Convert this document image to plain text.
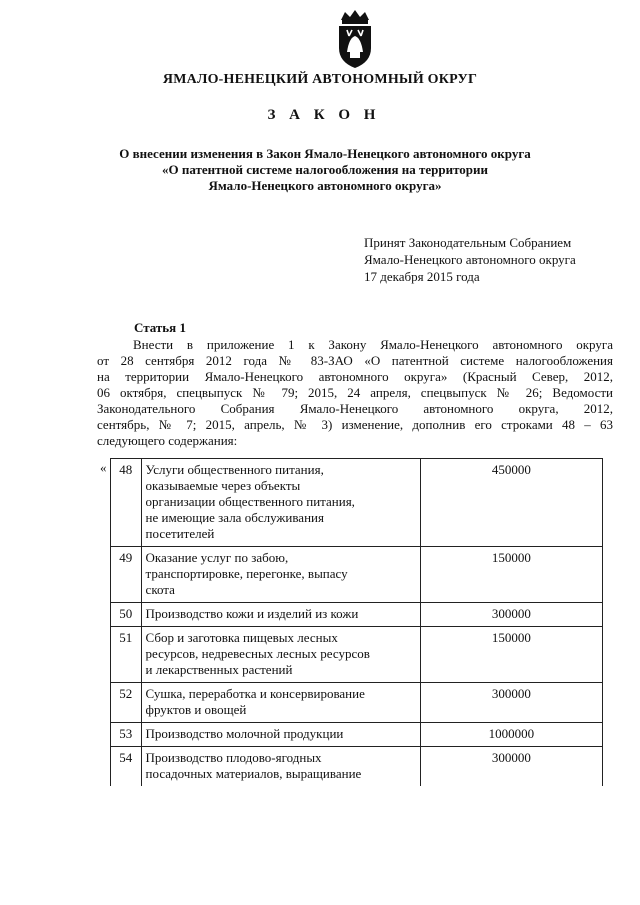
ЯМАЛО-НЕНЕЦКИЙ АВТОНОМНЫЙ ОКРУГ
З А К О Н
О внесении изменения в Закон Ямало-Ненецкого автономного округа
«О патентной системе налогообложения на территории
Ямало-Ненецкого автономного округа»
Принят Законодательным Собранием
Ямало-Ненецкого автономного округа
17 декабря 2015 года
Статья 1
Внести в приложение 1 к Закону Ямало-Ненецкого автономного округа
от 28 сентября 2012 года № 83-ЗАО «О патентной системе налогообложения
на территории Ямало-Ненецкого автономного округа» (Красный Север, 2012,
06 октября, спецвыпуск № 79; 2015, 24 апреля, спецвыпуск № 26; Ведомости
Законодательного Собрания Ямало-Ненецкого автономного округа, 2012,
сентябрь, № 7; 2015, апрель, № 3) изменение, дополнив его строками 48 – 63
следующего содержания:
« 48	Услуги общественного питания,
оказываемые через объекты
организации общественного питания,
не имеющие зала обслуживания
посетителей	450000
49	Оказание услуг по забою,
транспортировке, перегонке, выпасу
скота	150000
50	Производство кожи и изделий из кожи	300000
51	Сбор и заготовка пищевых лесных
ресурсов, недревесных лесных ресурсов
и лекарственных растений	150000
52	Сушка, переработка и консервирование
фруктов и овощей	300000
53	Производство молочной продукции	1000000
54	Производство плодово-ягодных
посадочных материалов, выращивание	300000
